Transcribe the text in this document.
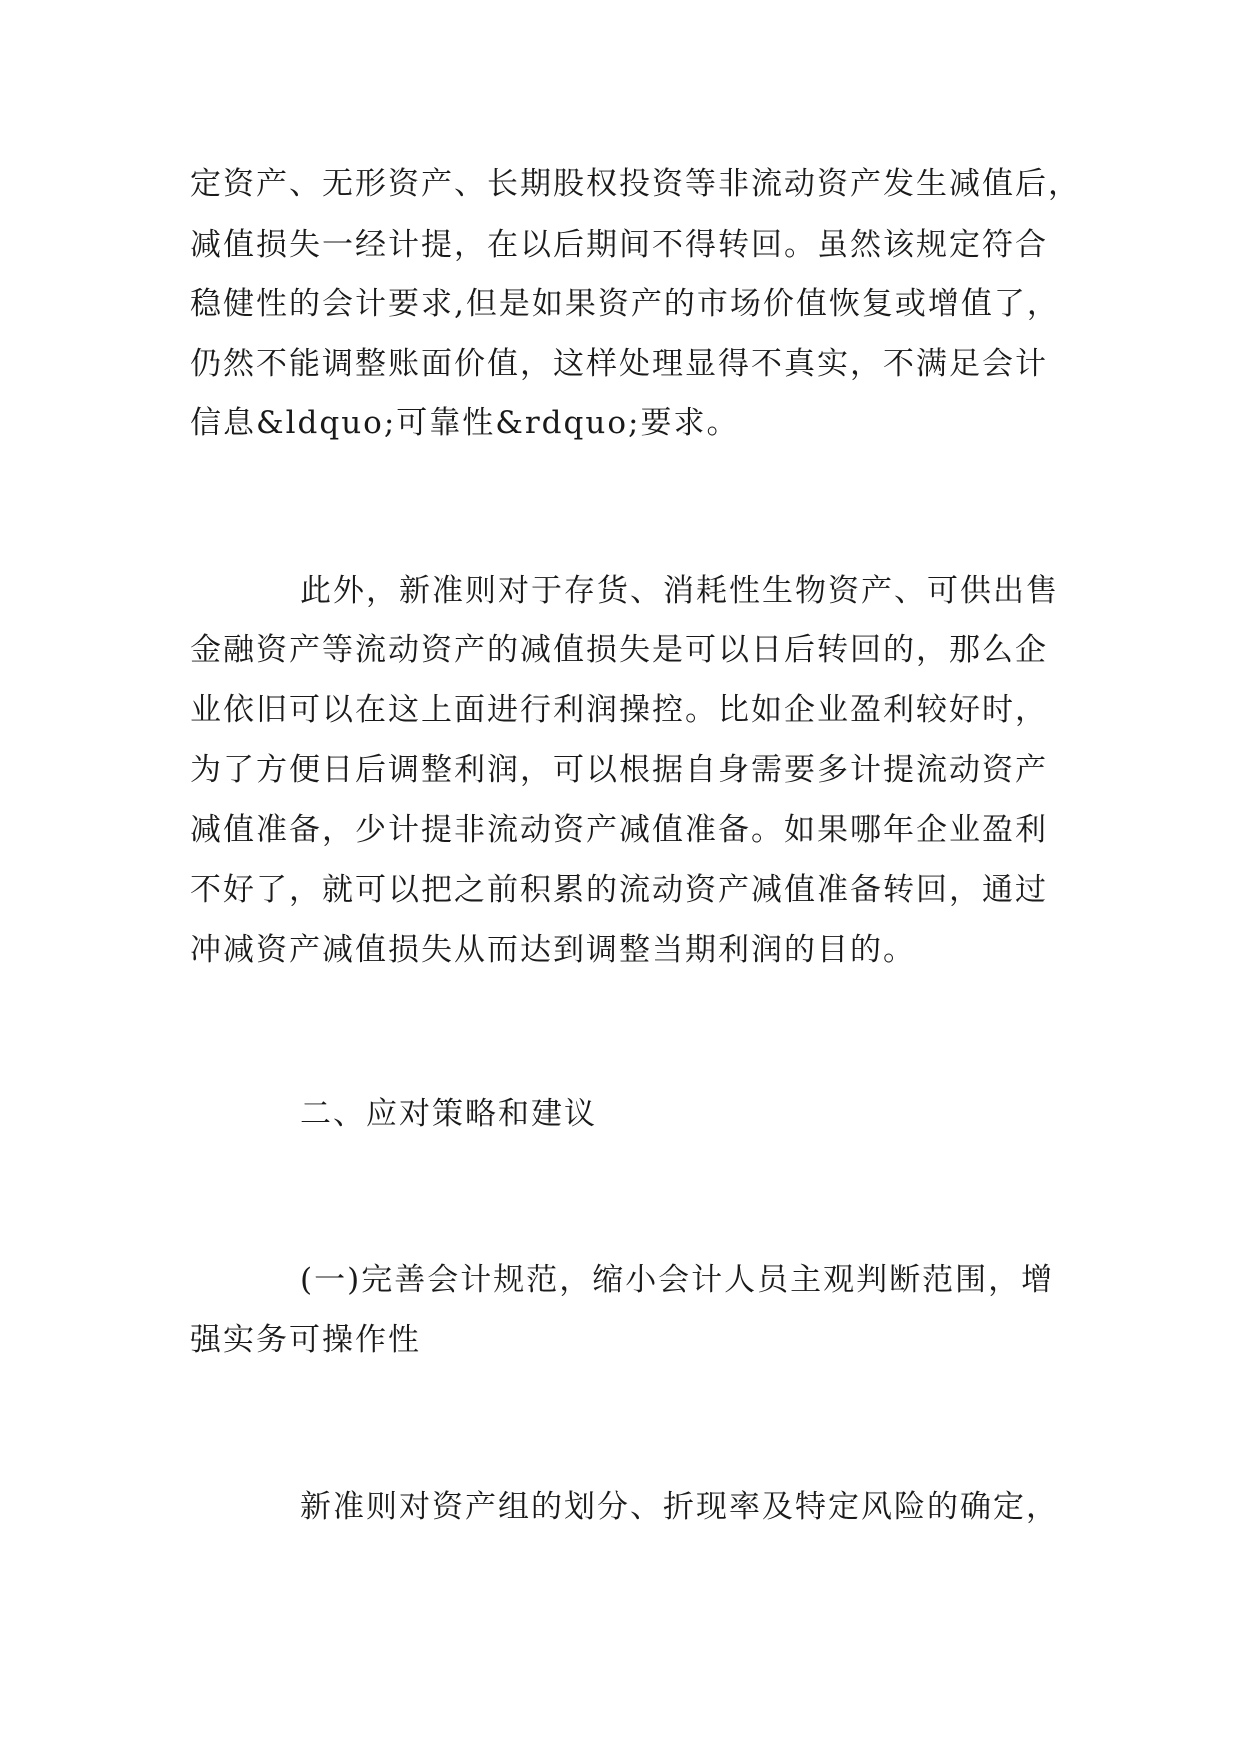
定资产、无形资产、长期股权投资等非流动资产发生减值后，
减值损失一经计提，在以后期间不得转回。虽然该规定符合
稳健性的会计要求,但是如果资产的市场价值恢复或增值了，
仍然不能调整账面价值，这样处理显得不真实，不满足会计
信息&ldquo;可靠性&rdquo;要求。
此外，新准则对于存货、消耗性生物资产、可供出售
金融资产等流动资产的减值损失是可以日后转回的，那么企
业依旧可以在这上面进行利润操控。比如企业盈利较好时，
为了方便日后调整利润，可以根据自身需要多计提流动资产
减值准备，少计提非流动资产减值准备。如果哪年企业盈利
不好了，就可以把之前积累的流动资产减值准备转回，通过
冲减资产减值损失从而达到调整当期利润的目的。
二、应对策略和建议
(一)完善会计规范，缩小会计人员主观判断范围，增
强实务可操作性
新准则对资产组的划分、折现率及特定风险的确定，
